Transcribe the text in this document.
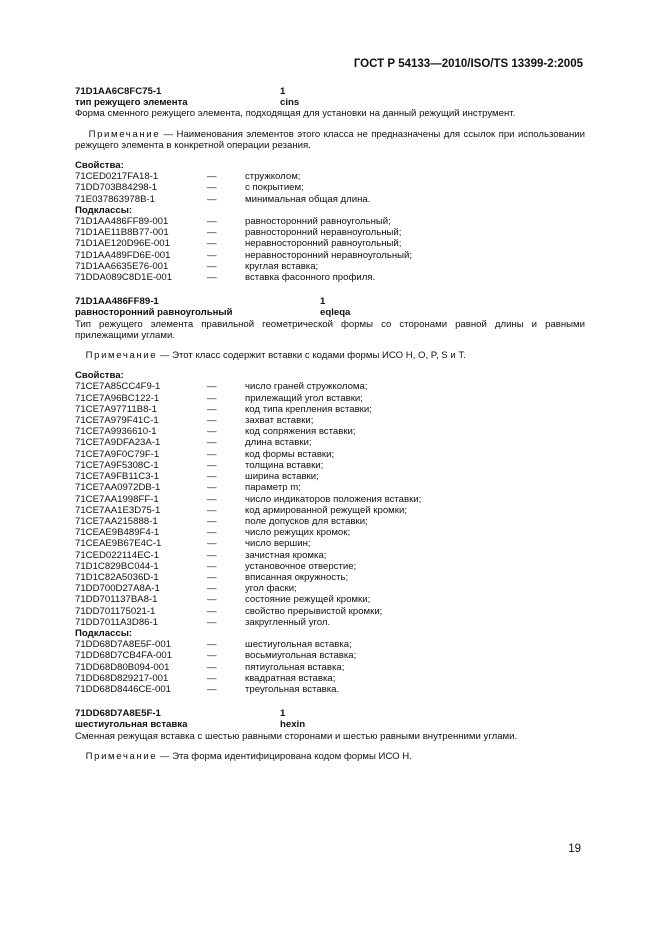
ГОСТ Р 54133—2010/ISO/TS 13399-2:2005
71D1AA6C8FC75-1	1
тип режущего элемента	cins

Форма сменного режущего элемента, подходящая для установки на данный режущий инструмент.

Примечание — Наименования элементов этого класса не предназначены для ссылок при использовании режущего элемента в конкретной операции резания.

Свойства:
71CED0217FA18-1	—	стружколом;
71DD703B84298-1	—	с покрытием;
71E037863978B-1	—	минимальная общая длина.
Подклассы:
71D1AA486FF89-001	—	равносторонний равноугольный;
71D1AE11B8B77-001	—	равносторонний неравноугольный;
71D1AE120D96E-001	—	неравносторонний равноугольный;
71D1AA489FD6E-001	—	неравносторонний неравноугольный;
71D1AA6635E76-001	—	круглая вставка;
71DDA089C8D1E-001	—	вставка фасонного профиля.
71D1AA486FF89-1	1
равносторонний равноугольный	eqleqa

Тип режущего элемента правильной геометрической формы со сторонами равной длины и равными прилежащими углами.

Примечание — Этот класс содержит вставки с кодами формы ИСО H, O, P, S и T.

Свойства:
71CE7A85CC4F9-1	—	число граней стружколома;
71CE7A96BC122-1	—	прилежащий угол вставки;
71CE7A97711B8-1	—	код типа крепления вставки;
71CE7A979F41C-1	—	захват вставки;
71CE7A9936610-1	—	код сопряжения вставки;
71CE7A9DFA23A-1	—	длина вставки;
71CE7A9F0C79F-1	—	код формы вставки;
71CE7A9F5308C-1	—	толщина вставки;
71CE7A9FB11C3-1	—	ширина вставки;
71CE7AA0972DB-1	—	параметр m;
71CE7AA1998FF-1	—	число индикаторов положения вставки;
71CE7AA1E3D75-1	—	код армированной режущей кромки;
71CE7AA215888-1	—	поле допусков для вставки;
71CEAE9B489F4-1	—	число режущих кромок;
71CEAE9B67E4C-1	—	число вершин;
71CED022114EC-1	—	зачистная кромка;
71D1C829BC044-1	—	установочное отверстие;
71D1C82A5036D-1	—	вписанная окружность;
71DD700D27A8A-1	—	угол фаски;
71DD701137BA8-1	—	состояние режущей кромки;
71DD701175021-1	—	свойство прерывистой кромки;
71DD7011A3D86-1	—	закругленный угол.
Подклассы:
71DD68D7A8E5F-001	—	шестиугольная вставка;
71DD68D7CB4FA-001	—	восьмиугольная вставка;
71DD68D80B094-001	—	пятиугольная вставка;
71DD68D829217-001	—	квадратная вставка;
71DD68D8446CE-001	—	треугольная вставка.
71DD68D7A8E5F-1	1
шестиугольная вставка	hexin

Сменная режущая вставка с шестью равными сторонами и шестью равными внутренними углами.

Примечание — Эта форма идентифицирована кодом формы ИСО H.

19
